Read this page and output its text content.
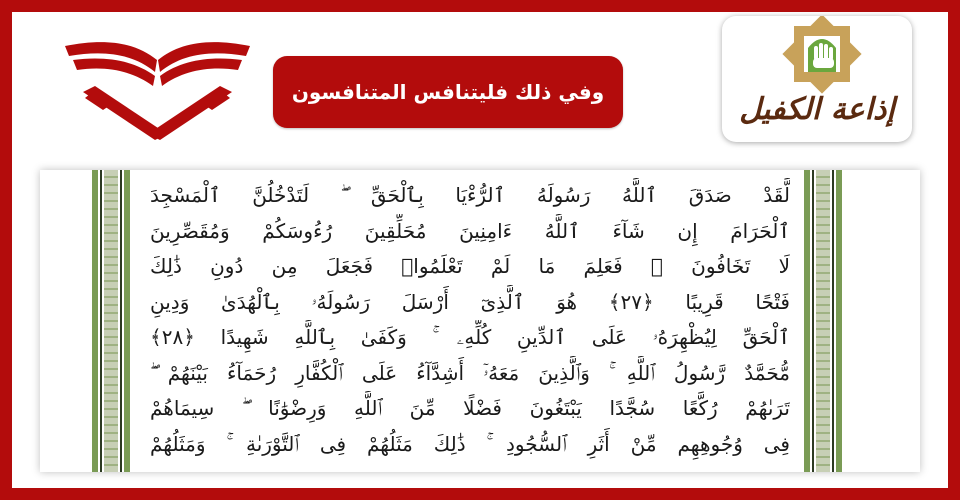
وفي ذلك فليتنافس المتنافسون	إذاعة الكفيل
لَّقَدْ صَدَقَ ٱللَّهُ رَسُولَهُ ٱلرُّءْيَا بِٱلْحَقِّ ۖ لَتَدْخُلُنَّ ٱلْمَسْجِدَ
ٱلْحَرَامَ إِن شَآءَ ٱللَّهُ ءَامِنِينَ مُحَلِّقِينَ رُءُوسَكُمْ وَمُقَصِّرِينَ
لَا تَخَافُونَ ۖ فَعَلِمَ مَا لَمْ تَعْلَمُوا۟ فَجَعَلَ مِن دُونِ ذَٰلِكَ
فَتْحًا قَرِيبًا ﴿٢٧﴾ هُوَ ٱلَّذِىٓ أَرْسَلَ رَسُولَهُۥ بِٱلْهُدَىٰ وَدِينِ
ٱلْحَقِّ لِيُظْهِرَهُۥ عَلَى ٱلدِّينِ كُلِّهِۦ ۚ وَكَفَىٰ بِٱللَّهِ شَهِيدًا ﴿٢٨﴾
مُّحَمَّدٌ رَّسُولُ ٱللَّهِ ۚ وَٱلَّذِينَ مَعَهُۥٓ أَشِدَّآءُ عَلَى ٱلْكُفَّارِ رُحَمَآءُ بَيْنَهُمْ ۖ
تَرَىٰهُمْ رُكَّعًا سُجَّدًا يَبْتَغُونَ فَضْلًا مِّنَ ٱللَّهِ وَرِضْوَٰنًا ۖ سِيمَاهُمْ
فِى وُجُوهِهِم مِّنْ أَثَرِ ٱلسُّجُودِ ۚ ذَٰلِكَ مَثَلُهُمْ فِى ٱلتَّوْرَىٰةِ ۚ وَمَثَلُهُمْ
